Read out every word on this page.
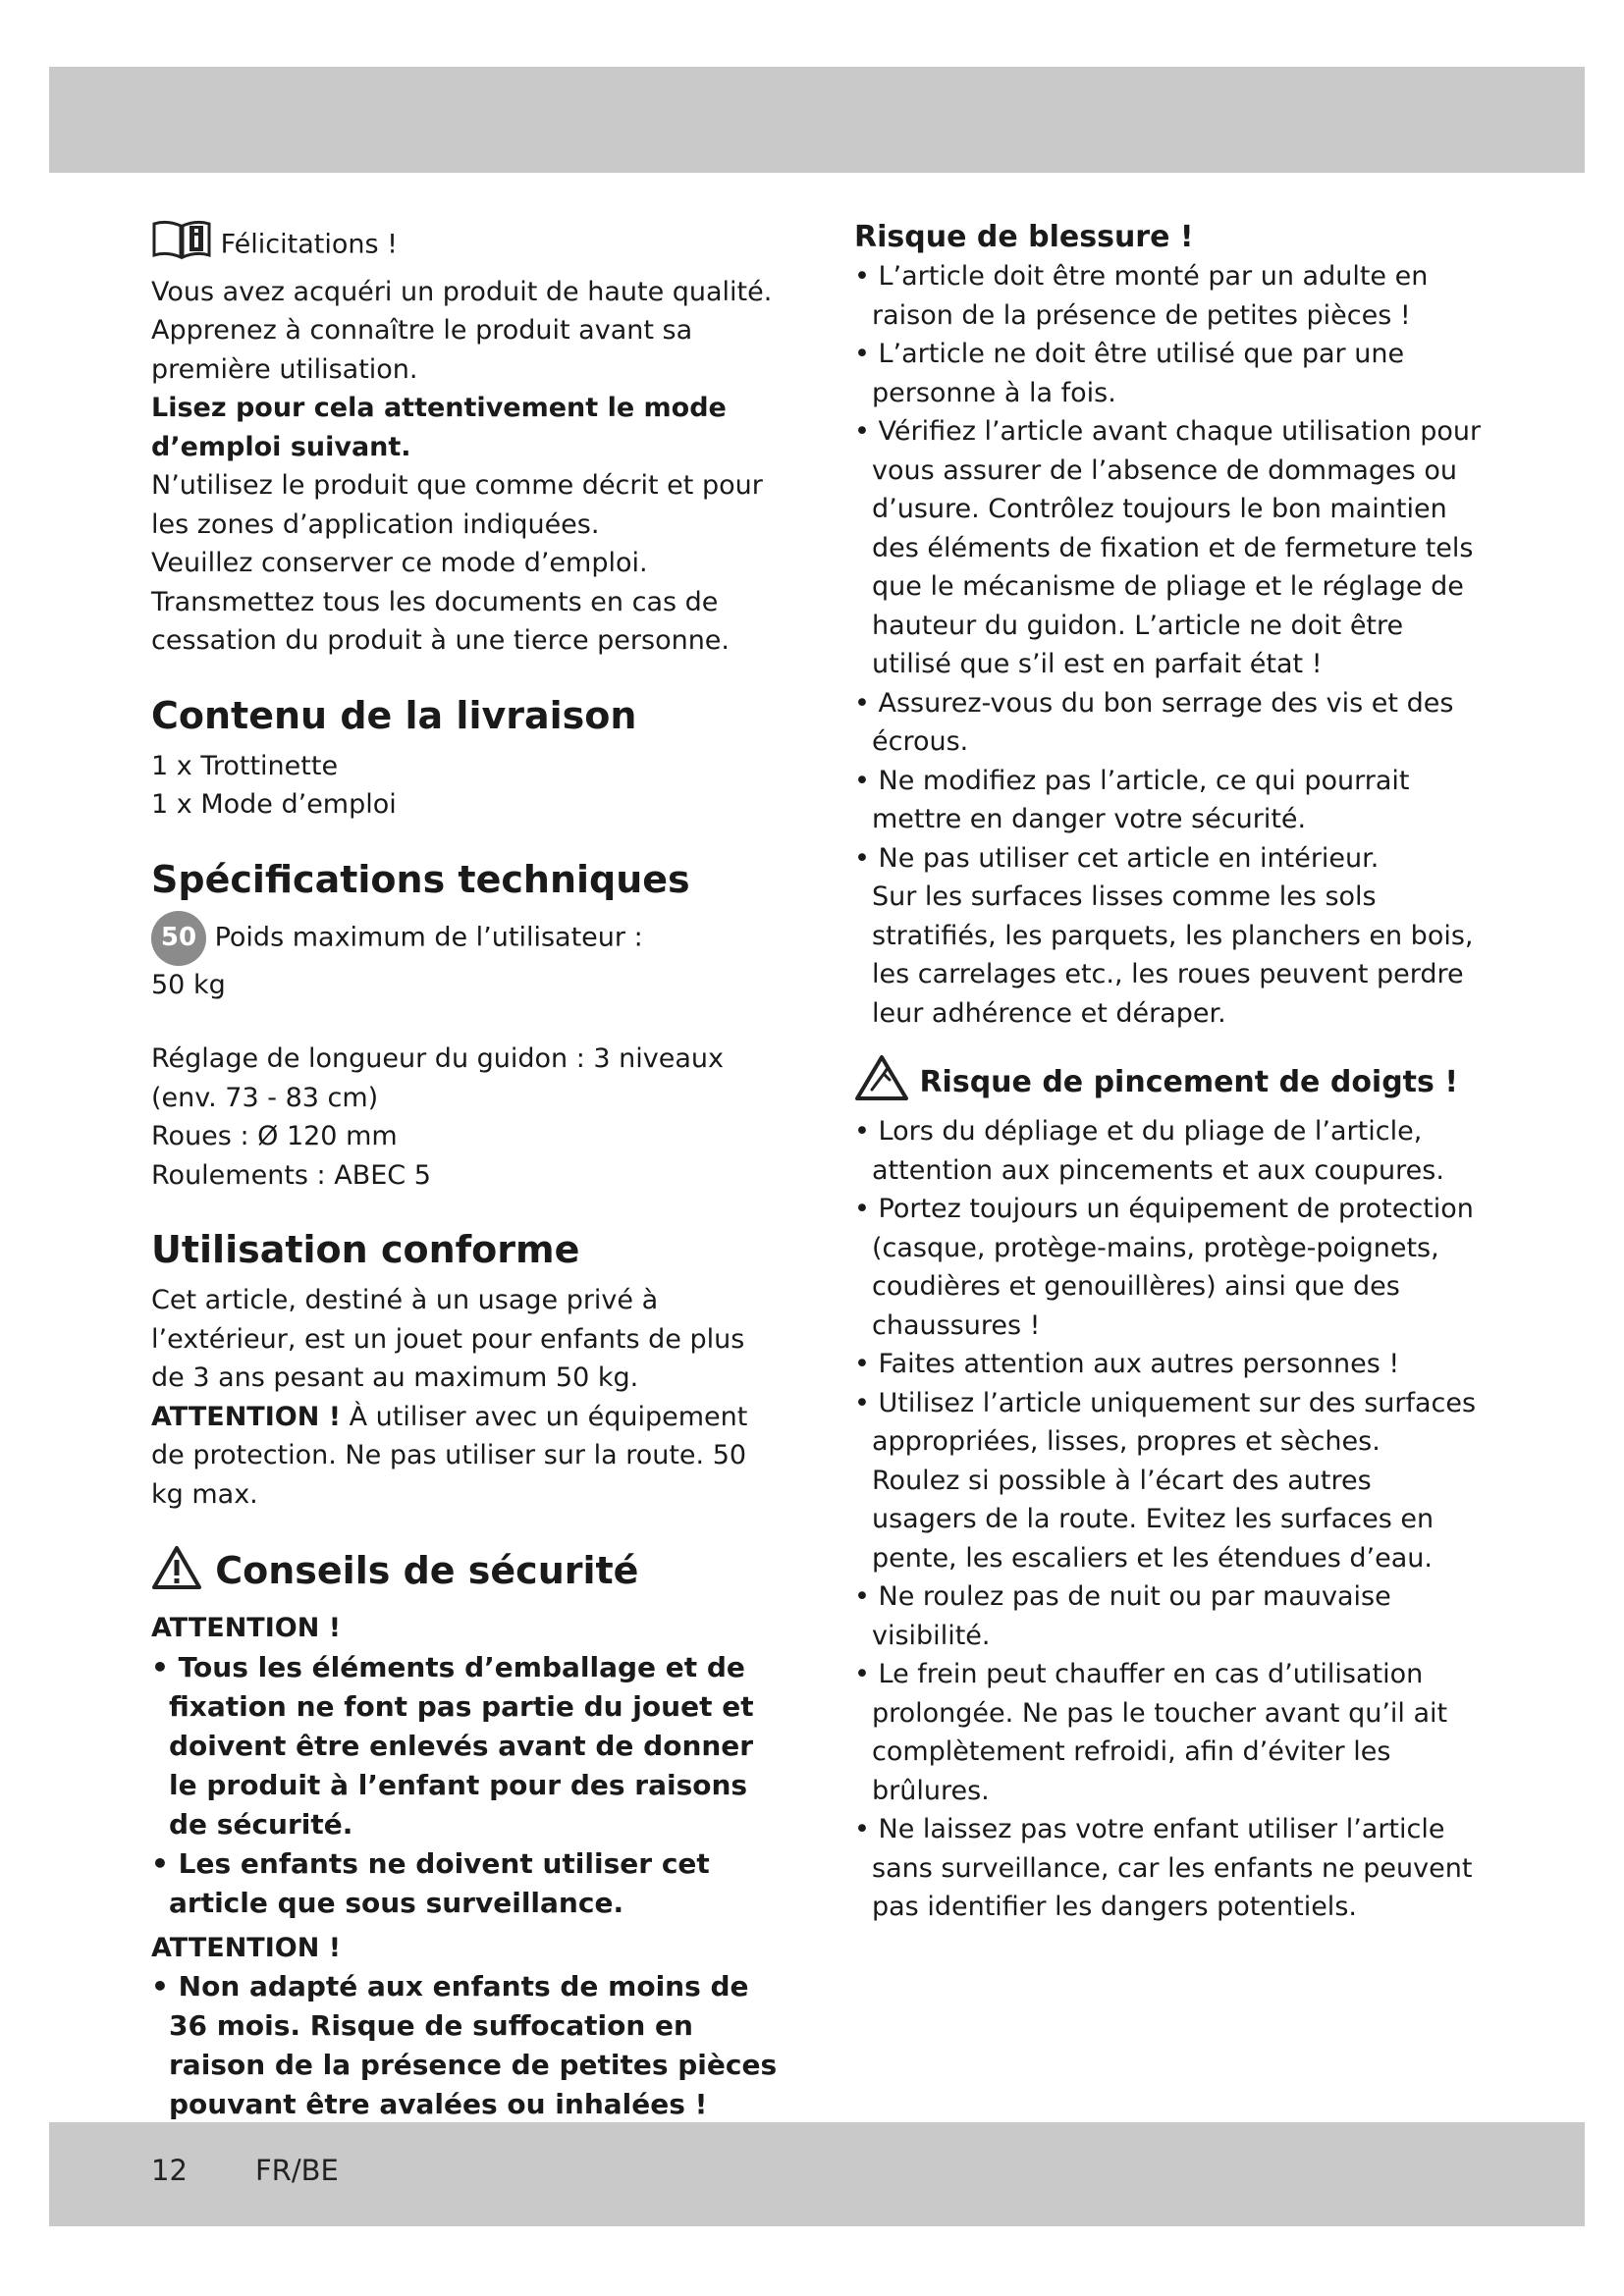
Félicitations !

Vous avez acquéri un produit de haute qualité. Apprenez à connaître le produit avant sa première utilisation.

Lisez pour cela attentivement le mode d’emploi suivant.

N’utilisez le produit que comme décrit et pour les zones d’application indiquées.

Veuillez conserver ce mode d’emploi. Transmettez tous les documents en cas de cessation du produit à une tierce personne.

Contenu de la livraison

1 x Trottinette

1 x Mode d’emploi

Spécifications techniques
50 Poids maximum de l’utilisateur :

50 kg

Réglage de longueur du guidon : 3 niveaux (env. 73 - 83 cm)

Roues : Ø 120 mm

Roulements : ABEC 5

Utilisation conforme

Cet article, destiné à un usage privé à l’extérieur, est un jouet pour enfants de plus de 3 ans pesant au maximum 50 kg.

ATTENTION ! À utiliser avec un équipement de protection. Ne pas utiliser sur la route. 50 kg max.

Conseils de sécurité

ATTENTION !

• Tous les éléments d’emballage et de fixation ne font pas partie du jouet et doivent être enlevés avant de donner le produit à l’enfant pour des raisons de sécurité.
• Les enfants ne doivent utiliser cet article que sous surveillance.

ATTENTION !

• Non adapté aux enfants de moins de 36 mois. Risque de suffocation en raison de la présence de petites pièces pouvant être avalées ou inhalées !
Risque de blessure !
• L’article doit être monté par un adulte en raison de la présence de petites pièces !
• L’article ne doit être utilisé que par une personne à la fois.
• Vérifiez l’article avant chaque utilisation pour vous assurer de l’absence de dommages ou d’usure. Contrôlez toujours le bon maintien des éléments de fixation et de fermeture tels que le mécanisme de pliage et le réglage de hauteur du guidon. L’article ne doit être utilisé que s’il est en parfait état !
• Assurez-vous du bon serrage des vis et des écrous.
• Ne modifiez pas l’article, ce qui pourrait mettre en danger votre sécurité.
• Ne pas utiliser cet article en intérieur.

Sur les surfaces lisses comme les sols stratifiés, les parquets, les planchers en bois, les carrelages etc., les roues peuvent perdre leur adhérence et déraper.

Risque de pincement de doigts !
• Lors du dépliage et du pliage de l’article, attention aux pincements et aux coupures.
• Portez toujours un équipement de protection (casque, protège-mains, protège-poignets, coudières et genouillères) ainsi que des chaussures !
• Faites attention aux autres personnes !
• Utilisez l’article uniquement sur des surfaces appropriées, lisses, propres et sèches.

Roulez si possible à l’écart des autres usagers de la route. Evitez les surfaces en pente, les escaliers et les étendues d’eau.

• Ne roulez pas de nuit ou par mauvaise visibilité.
• Le frein peut chauffer en cas d’utilisation prolongée. Ne pas le toucher avant qu’il ait complètement refroidi, afin d’éviter les brûlures.
• Ne laissez pas votre enfant utiliser l’article sans surveillance, car les enfants ne peuvent pas identifier les dangers potentiels.
12 FR/BE
